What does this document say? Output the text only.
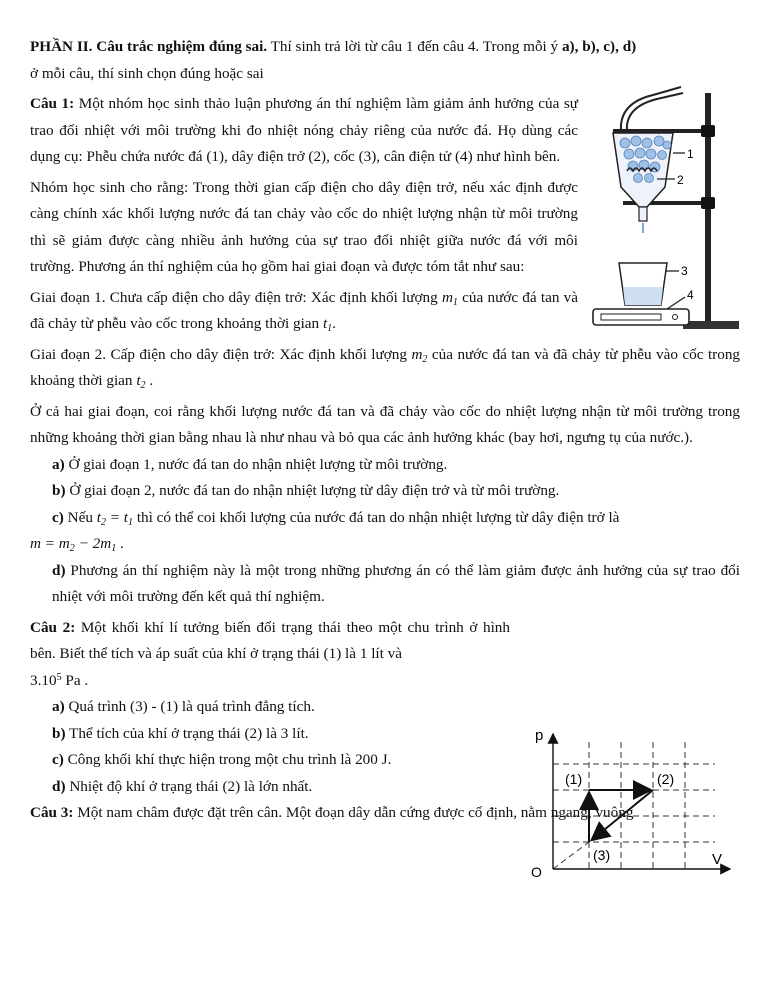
PHẦN II. Câu trắc nghiệm đúng sai. Thí sinh trả lời từ câu 1 đến câu 4. Trong mỗi ý a), b), c), d)
ở mỗi câu, thí sinh chọn đúng hoặc sai

Câu 1: Một nhóm học sinh thảo luận phương án thí nghiệm làm giảm ảnh hưởng của sự trao đổi nhiệt với môi trường khi đo nhiệt nóng chảy riêng của nước đá. Họ dùng các dụng cụ: Phễu chứa nước đá (1), dây điện trở (2), cốc (3), cân điện tử (4) như hình bên.

Nhóm học sinh cho rằng: Trong thời gian cấp điện cho dây điện trở, nếu xác định được càng chính xác khối lượng nước đá tan chảy vào cốc do nhiệt lượng nhận từ môi trường thì sẽ giảm được càng nhiều ảnh hưởng của sự trao đổi nhiệt giữa nước đá với môi trường. Phương án thí nghiệm của họ gồm hai giai đoạn và được tóm tắt như sau:

Giai đoạn 1. Chưa cấp điện cho dây điện trở: Xác định khối lượng $m_1$ của nước đá tan và đã chảy từ phễu vào cốc trong khoảng thời gian $t_1$.

Giai đoạn 2. Cấp điện cho dây điện trở: Xác định khối lượng $m_2$ của nước đá tan và đã chảy từ phễu vào cốc trong khoảng thời gian $t_2$ .

Ở cả hai giai đoạn, coi rằng khối lượng nước đá tan và đã chảy vào cốc do nhiệt lượng nhận từ môi trường trong những khoảng thời gian bằng nhau là như nhau và bỏ qua các ảnh hưởng khác (bay hơi, ngưng tụ của nước.).

a) Ở giai đoạn 1, nước đá tan do nhận nhiệt lượng từ môi trường.

b) Ở giai đoạn 2, nước đá tan do nhận nhiệt lượng từ dây điện trở và từ môi trường.

c) Nếu $t_2 = t_1$ thì có thể coi khối lượng của nước đá tan do nhận nhiệt lượng từ dây điện trở là
$m = m_2 - 2m_1$ .

d) Phương án thí nghiệm này là một trong những phương án có thể làm giảm được ảnh hưởng của sự trao đổi nhiệt với môi trường đến kết quả thí nghiệm.

Câu 2: Một khối khí lí tưởng biến đổi trạng thái theo một chu trình ở hình bên. Biết thể tích và áp suất của khí ở trạng thái (1) là 1 lít và
3.10$^5$ Pa .

a) Quá trình (3) - (1) là quá trình đẳng tích.

b) Thể tích của khí ở trạng thái (2) là 3 lít.

c) Công khối khí thực hiện trong một chu trình là 200 J.

d) Nhiệt độ khí ở trạng thái (2) là lớn nhất.

Câu 3: Một nam châm được đặt trên cân. Một đoạn dây dẫn cứng được cố định, nằm ngang, vuông

1
2
3
4
p
V
O
(1)	(2)
(3)
